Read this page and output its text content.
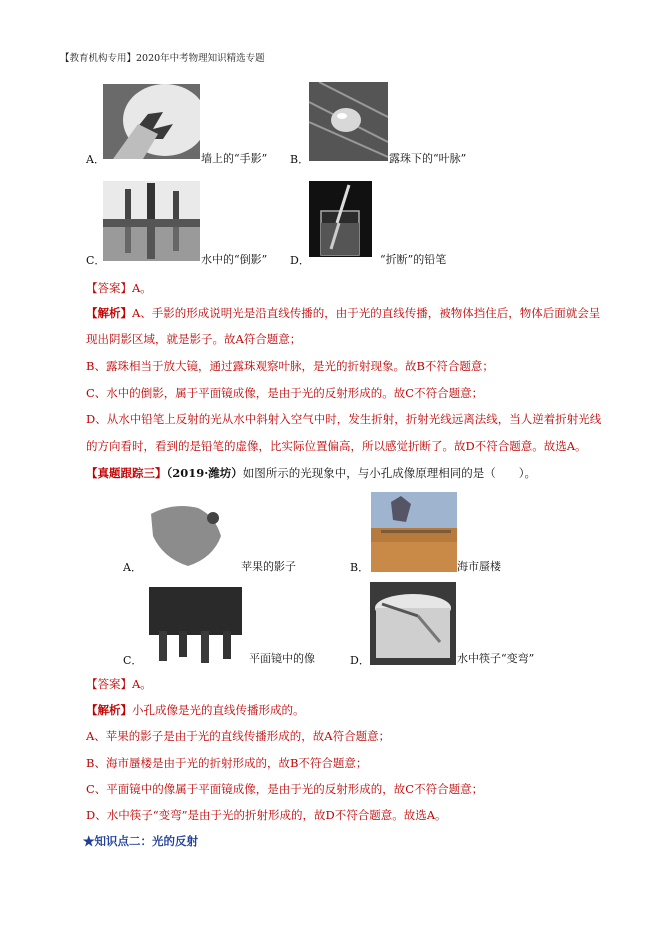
【教育机构专用】2020年中考物理知识精选专题
A．	墙上的“手影” B．	露珠下的“叶脉”
C．	水中的“倒影” D．	“折断”的铅笔
【答案】A。
【解析】A、手影的形成说明光是沿直线传播的，由于光的直线传播，被物体挡住后，物体后面就会呈
现出阴影区域，就是影子。故A符合题意；
B、露珠相当于放大镜，通过露珠观察叶脉，是光的折射现象。故B不符合题意；
C、水中的倒影，属于平面镜成像，是由于光的反射形成的。故C不符合题意；
D、从水中铅笔上反射的光从水中斜射入空气中时，发生折射，折射光线远离法线，当人逆着折射光线
的方向看时，看到的是铅笔的虚像，比实际位置偏高，所以感觉折断了。故D不符合题意。故选A。
【真题跟踪三】（2019·潍坊）如图所示的光现象中，与小孔成像原理相同的是（　　）。
A．	苹果的影子	B．	海市蜃楼
C．	平面镜中的像	D．	水中筷子“变弯”
【答案】A。
【解析】小孔成像是光的直线传播形成的。
A、苹果的影子是由于光的直线传播形成的，故A符合题意；
B、海市蜃楼是由于光的折射形成的，故B不符合题意；
C、平面镜中的像属于平面镜成像，是由于光的反射形成的，故C不符合题意；
D、水中筷子“变弯”是由于光的折射形成的，故D不符合题意。故选A。
★知识点二：光的反射
